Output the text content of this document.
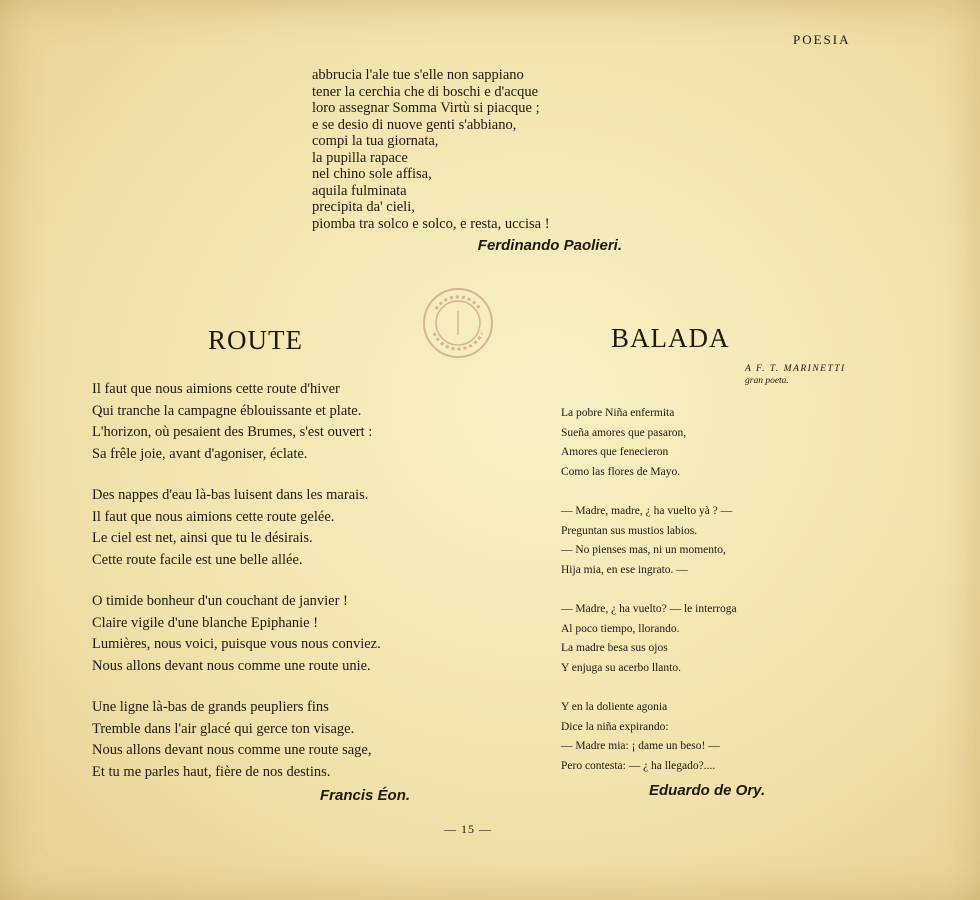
POESIA
abbrucia l'ale tue s'elle non sappiano
tener la cerchia che di boschi e d'acque
loro assegnar Somma Virtù si piacque ;
e se desio di nuove genti s'abbiano,
compi la tua giornata,
la pupilla rapace
nel chino sole affisa,
aquila fulminata
precipita da' cieli,
piomba tra solco e solco, e resta, uccisa !
Ferdinando Paolieri.
ROUTE
Il faut que nous aimions cette route d'hiver
Qui tranche la campagne éblouissante et plate.
L'horizon, où pesaient des Brumes, s'est ouvert :
Sa frêle joie, avant d'agoniser, éclate.
Des nappes d'eau là-bas luisent dans les marais.
Il faut que nous aimions cette route gelée.
Le ciel est net, ainsi que tu le désirais.
Cette route facile est une belle allée.
O timide bonheur d'un couchant de janvier !
Claire vigile d'une blanche Epiphanie !
Lumières, nous voici, puisque vous nous conviez.
Nous allons devant nous comme une route unie.
Une ligne là-bas de grands peupliers fins
Tremble dans l'air glacé qui gerce ton visage.
Nous allons devant nous comme une route sage,
Et tu me parles haut, fière de nos destins.
Francis Éon.
BALADA
A F. T. MARINETTI
gran poeta.
La pobre Niña enfermita
Sueña amores que pasaron,
Amores que fenecieron
Como las flores de Mayo.
— Madre, madre, ¿ ha vuelto yà ? —
Preguntan sus mustios labios.
— No pienses mas, ni un momento,
Hija mia, en ese ingrato. —
— Madre, ¿ ha vuelto? — le interroga
Al poco tiempo, llorando.
La madre besa sus ojos
Y enjuga su acerbo llanto.
Y en la doliente agonia
Dice la niña expirando:
— Madre mia: ¡ dame un beso! —
Pero contesta: — ¿ ha llegado?....
Eduardo de Ory.
— 15 —
